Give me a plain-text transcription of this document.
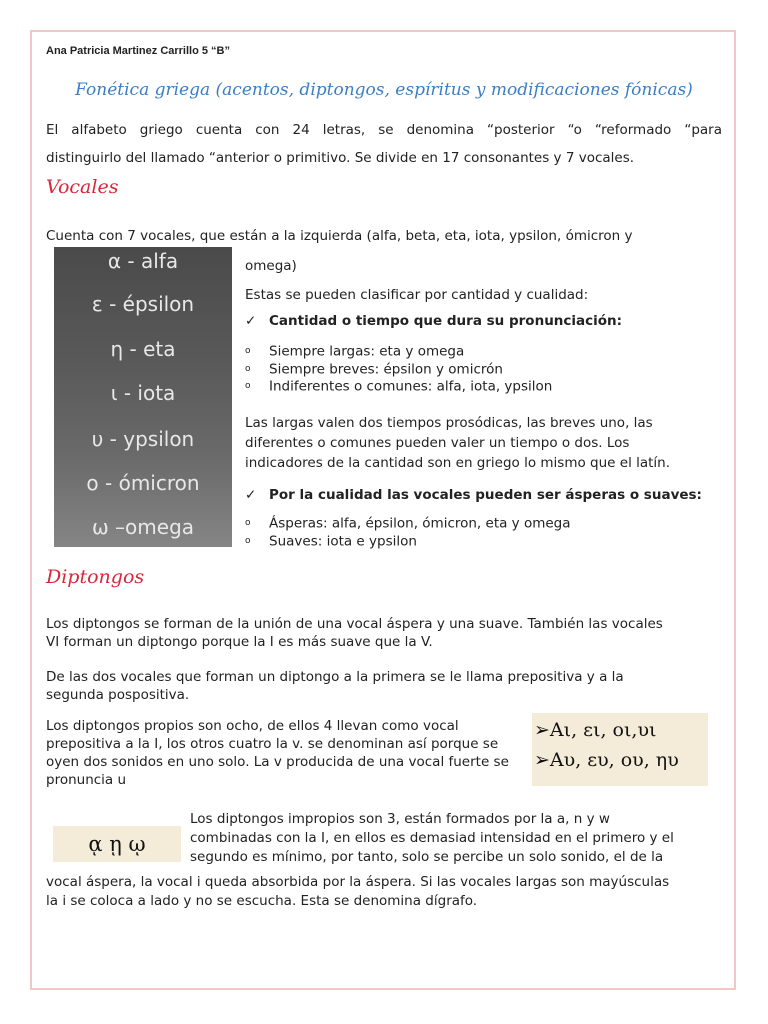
Ana Patricia Martinez Carrillo 5 “B”
Fonética griega (acentos, diptongos, espíritus y modificaciones fónicas)
El alfabeto griego cuenta con 24 letras, se denomina “posterior “o “reformado “para
distinguirlo del llamado “anterior o primitivo. Se divide en 17 consonantes y 7 vocales.
Vocales
Cuenta con 7 vocales, que están a la izquierda (alfa, beta, eta, iota, ypsilon, ómicron y
α - alfa
ε - épsilon
η - eta
ι - iota
υ - ypsilon
ο - ómicron
ω –omega
omega)
Estas se pueden clasificar por cantidad y cualidad:
✓ Cantidad o tiempo que dura su pronunciación:
o Siempre largas: eta y omega
o Siempre breves: épsilon y omicrón
o Indiferentes o comunes: alfa, iota, ypsilon
Las largas valen dos tiempos prosódicas, las breves uno, las
diferentes o comunes pueden valer un tiempo o dos. Los
indicadores de la cantidad son en griego lo mismo que el latín.
✓ Por la cualidad las vocales pueden ser ásperas o suaves:
o Ásperas: alfa, épsilon, ómicron, eta y omega
o Suaves: iota e ypsilon
Diptongos
Los diptongos se forman de la unión de una vocal áspera y una suave. También las vocales
VI forman un diptongo porque la I es más suave que la V.
De las dos vocales que forman un diptongo a la primera se le llama prepositiva y a la
segunda pospositiva.
Los diptongos propios son ocho, de ellos 4 llevan como vocal
prepositiva a la I, los otros cuatro la v. se denominan así porque se
oyen dos sonidos en uno solo. La v producida de una vocal fuerte se
pronuncia u
➢Aι, ει, οι,υι
➢Aυ, ευ, ου, ηυ
ᾳ ῃ ῳ
Los diptongos impropios son 3, están formados por la a, n y w
combinadas con la I, en ellos es demasiad intensidad en el primero y el
segundo es mínimo, por tanto, solo se percibe un solo sonido, el de la
vocal áspera, la vocal i queda absorbida por la áspera. Si las vocales largas son mayúsculas
la i se coloca a lado y no se escucha. Esta se denomina dígrafo.
